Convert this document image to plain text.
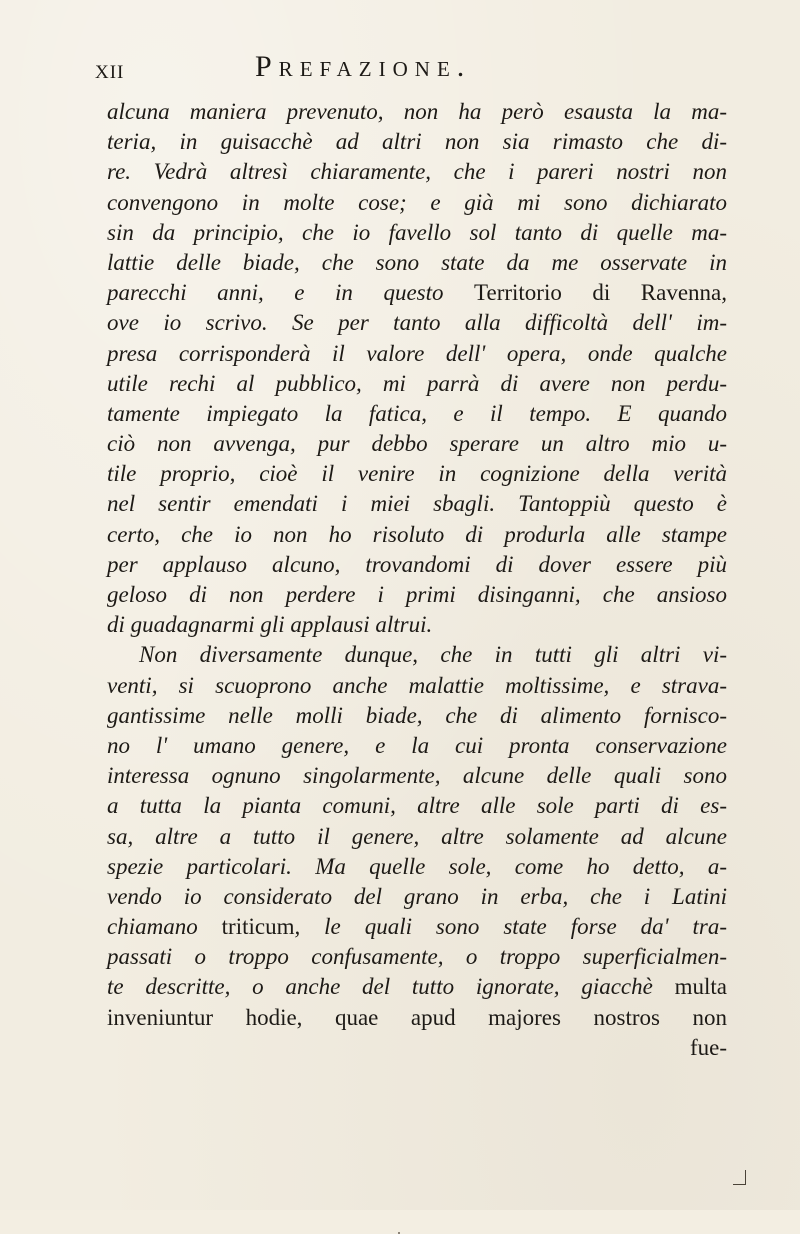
XII	Prefazione.
alcuna maniera prevenuto, non ha però esausta la ma-
teria, in guisacchè ad altri non sia rimasto che di-
re. Vedrà altresì chiaramente, che i pareri nostri non
convengono in molte cose; e già mi sono dichiarato
sin da principio, che io favello sol tanto di quelle ma-
lattie delle biade, che sono state da me osservate in
parecchi anni, e in questo Territorio di Ravenna,
ove io scrivo. Se per tanto alla difficoltà dell' im-
presa corrisponderà il valore dell' opera, onde qualche
utile rechi al pubblico, mi parrà di avere non perdu-
tamente impiegato la fatica, e il tempo. E quando
ciò non avvenga, pur debbo sperare un altro mio u-
tile proprio, cioè il venire in cognizione della verità
nel sentir emendati i miei sbagli. Tantoppiù questo è
certo, che io non ho risoluto di produrla alle stampe
per applauso alcuno, trovandomi di dover essere più
geloso di non perdere i primi disinganni, che ansioso
di guadagnarmi gli applausi altrui.
Non diversamente dunque, che in tutti gli altri vi-
venti, si scuoprono anche malattie moltissime, e strava-
gantissime nelle molli biade, che di alimento fornisco-
no l' umano genere, e la cui pronta conservazione
interessa ognuno singolarmente, alcune delle quali sono
a tutta la pianta comuni, altre alle sole parti di es-
sa, altre a tutto il genere, altre solamente ad alcune
spezie particolari. Ma quelle sole, come ho detto, a-
vendo io considerato del grano in erba, che i Latini
chiamano triticum, le quali sono state forse da' tra-
passati o troppo confusamente, o troppo superficialmen-
te descritte, o anche del tutto ignorate, giacchè multa
inveniuntur hodie, quae apud majores nostros non
fue-
